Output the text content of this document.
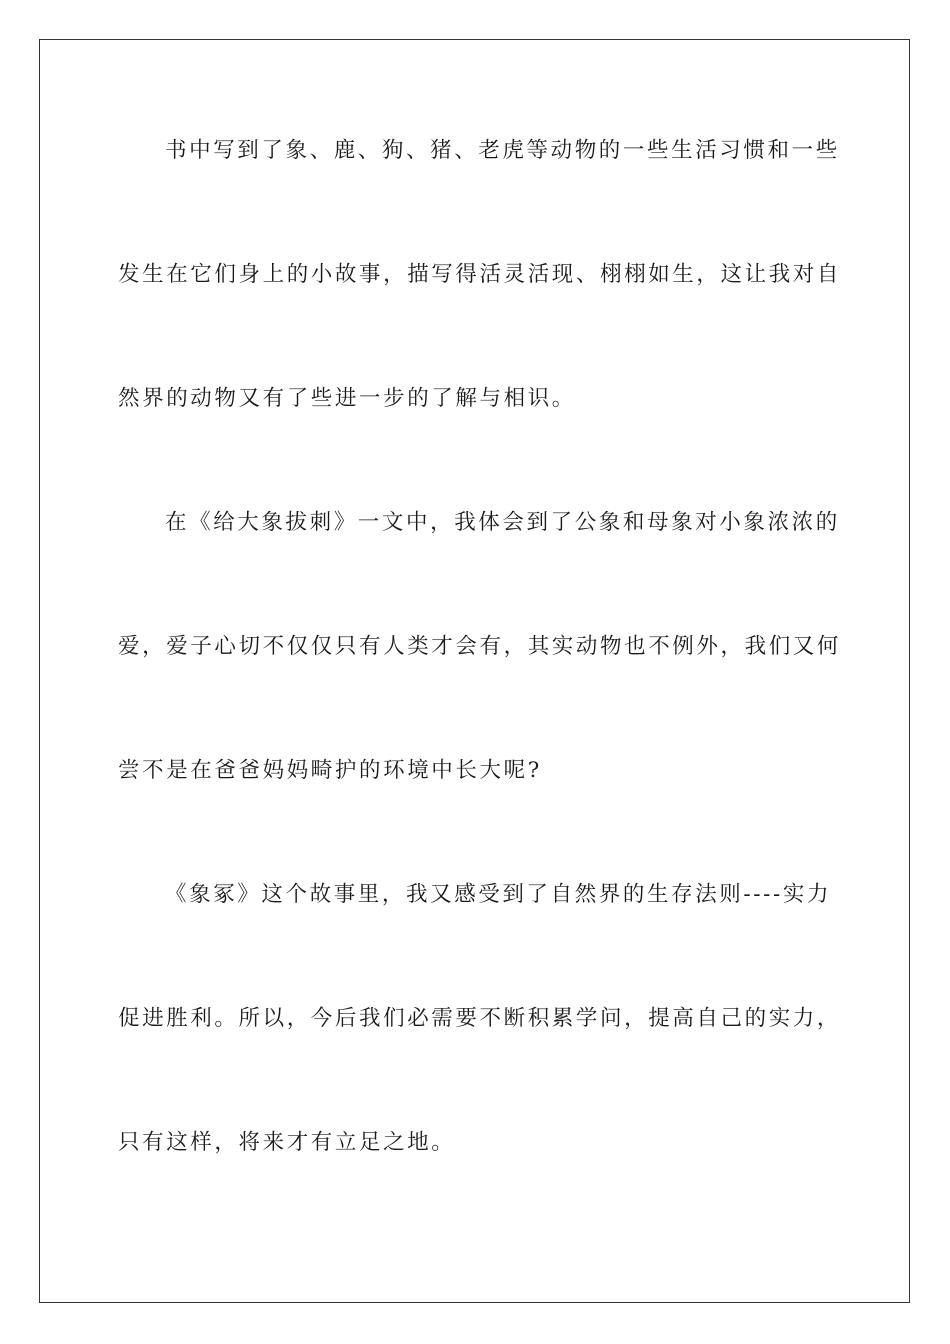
书中写到了象、鹿、狗、猪、老虎等动物的一些生活习惯和一些
发生在它们身上的小故事，描写得活灵活现、栩栩如生，这让我对自
然界的动物又有了些进一步的了解与相识。
在《给大象拔刺》一文中，我体会到了公象和母象对小象浓浓的
爱，爱子心切不仅仅只有人类才会有，其实动物也不例外，我们又何
尝不是在爸爸妈妈畸护的环境中长大呢?
《象冢》这个故事里，我又感受到了自然界的生存法则----实力
促进胜利。所以，今后我们必需要不断积累学问，提高自己的实力，
只有这样，将来才有立足之地。
